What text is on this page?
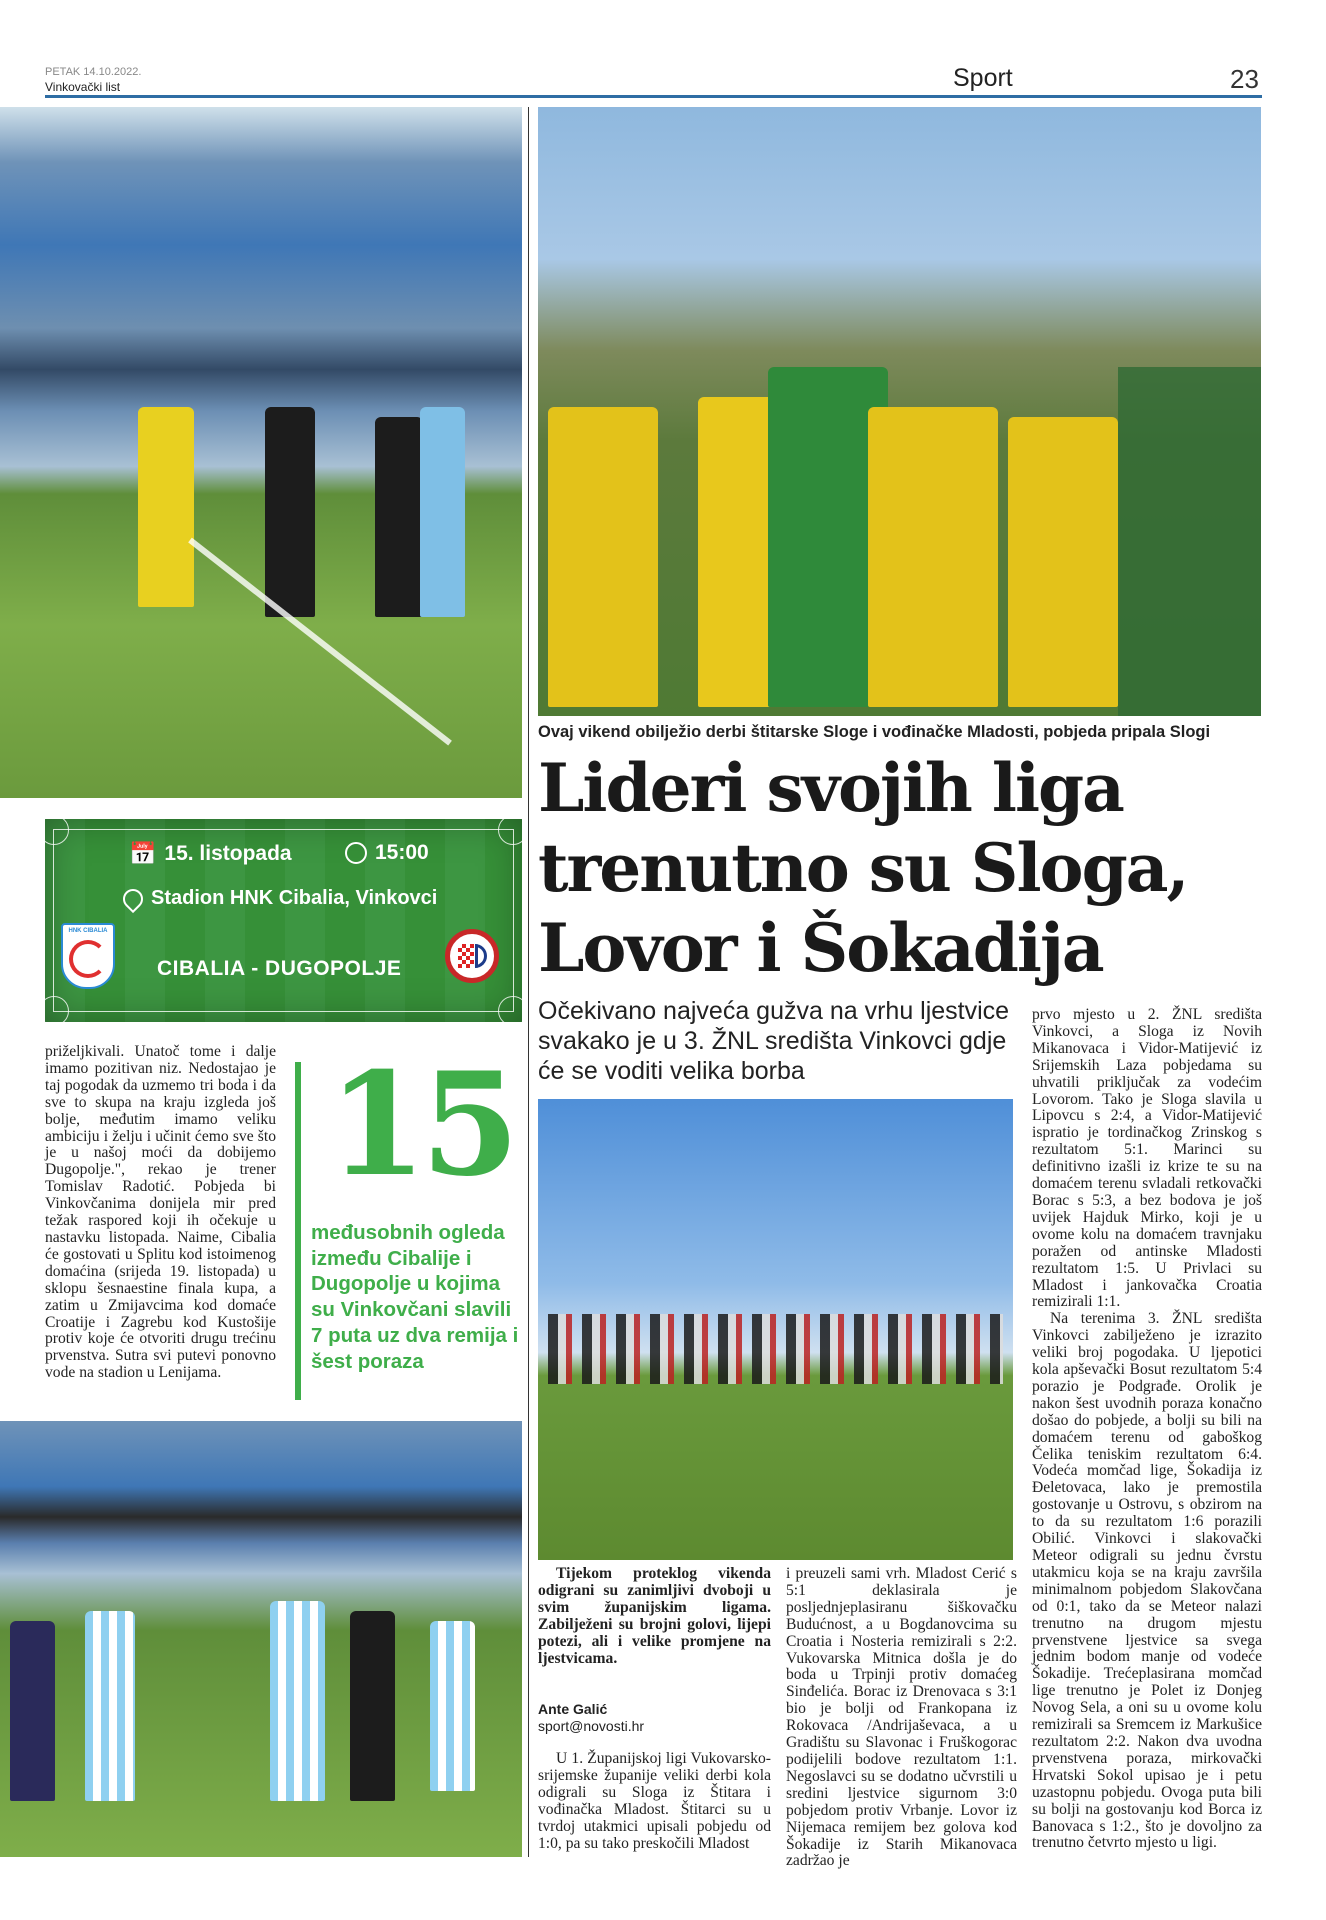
PETAK 14.10.2022.
Vinkovački list	Sport	23
Ovaj vikend obilježio derbi štitarske Sloge i vođinačke Mladosti, pobjeda pripala Slogi
Lideri svojih liga trenutno su Sloga, Lovor i Šokadija
Očekivano najveća gužva na vrhu ljestvice svakako je u 3. ŽNL središta Vinkovci gdje će se voditi velika borba
📅 15. listopada	15:00
Stadion HNK Cibalia, Vinkovci
HNK CIBALIA
CIBALIA - DUGOPOLJE

priželjkivali. Unatoč tome i dalje imamo pozitivan niz. Nedostajao je taj pogodak da uzmemo tri boda i da sve to skupa na kraju izgleda još bolje, međutim imamo veliku ambiciju i želju i učinit ćemo sve što je u našoj moći da dobijemo Dugopolje.", rekao je trener Tomislav Radotić. Pobjeda bi Vinkovčanima donijela mir pred težak raspored koji ih očekuje u nastavku listopada. Naime, Cibalia će gostovati u Splitu kod istoimenog domaćina (srijeda 19. listopada) u sklopu šesnaestine finala kupa, a zatim u Zmijavcima kod domaće Croatije i Zagrebu kod Kustošije protiv koje će otvoriti drugu trećinu prvenstva. Sutra svi putevi ponovno vode na stadion u Lenijama.

15
međusobnih ogleda između Cibalije i Dugopolje u kojima su Vinkovčani slavili 7 puta uz dva remija i šest poraza

Tijekom proteklog vikenda odigrani su zanimljivi dvoboji u svim županijskim ligama. Zabilježeni su brojni golovi, lijepi potezi, ali i velike promjene na ljestvicama.

Ante Galić
sport@novosti.hr

U 1. Županijskoj ligi Vukovarsko-srijemske županije veliki derbi kola odigrali su Sloga iz Štitara i vođinačka Mladost. Štitarci su u tvrdoj utakmici upisali pobjedu od 1:0, pa su tako preskočili Mladost

i preuzeli sami vrh. Mladost Cerić s 5:1 deklasirala je posljednjeplasiranu šiškovačku Budućnost, a u Bogdanovcima su Croatia i Nosteria remizirali s 2:2. Vukovarska Mitnica došla je do boda u Trpinji protiv domaćeg Sinđelića. Borac iz Drenovaca s 3:1 bio je bolji od Frankopana iz Rokovaca /Andrijaševaca, a u Gradištu su Slavonac i Fruškogorac podijelili bodove rezultatom 1:1. Negoslavci su se dodatno učvrstili u sredini ljestvice sigurnom 3:0 pobjedom protiv Vrbanje. Lovor iz Nijemaca remijem bez golova kod Šokadije iz Starih Mikanovaca zadržao je

prvo mjesto u 2. ŽNL središta Vinkovci, a Sloga iz Novih Mikanovaca i Vidor-Matijević iz Srijemskih Laza pobjedama su uhvatili priključak za vodećim Lovorom. Tako je Sloga slavila u Lipovcu s 2:4, a Vidor-Matijević ispratio je tordinačkog Zrinskog s rezultatom 5:1. Marinci su definitivno izašli iz krize te su na domaćem terenu svladali retkovački Borac s 5:3, a bez bodova je još uvijek Hajduk Mirko, koji je u ovome kolu na domaćem travnjaku poražen od antinske Mladosti rezultatom 1:5. U Privlaci su Mladost i jankovačka Croatia remizirali 1:1.

Na terenima 3. ŽNL središta Vinkovci zabilježeno je izrazito veliki broj pogodaka. U ljepotici kola apševački Bosut rezultatom 5:4 porazio je Podgrađe. Orolik je nakon šest uvodnih poraza konačno došao do pobjede, a bolji su bili na domaćem terenu od gaboškog Čelika teniskim rezultatom 6:4. Vodeća momčad lige, Šokadija iz Đeletovaca, lako je premostila gostovanje u Ostrovu, s obzirom na to da su rezultatom 1:6 porazili Obilić. Vinkovci i slakovački Meteor odigrali su jednu čvrstu utakmicu koja se na kraju završila minimalnom pobjedom Slakovčana od 0:1, tako da se Meteor nalazi trenutno na drugom mjestu prvenstvene ljestvice sa svega jednim bodom manje od vodeće Šokadije. Trećeplasirana momčad lige trenutno je Polet iz Donjeg Novog Sela, a oni su u ovome kolu remizirali sa Sremcem iz Markušice rezultatom 2:2. Nakon dva uvodna prvenstvena poraza, mirkovački Hrvatski Sokol upisao je i petu uzastopnu pobjedu. Ovoga puta bili su bolji na gostovanju kod Borca iz Banovaca s 1:2., što je dovoljno za trenutno četvrto mjesto u ligi.
